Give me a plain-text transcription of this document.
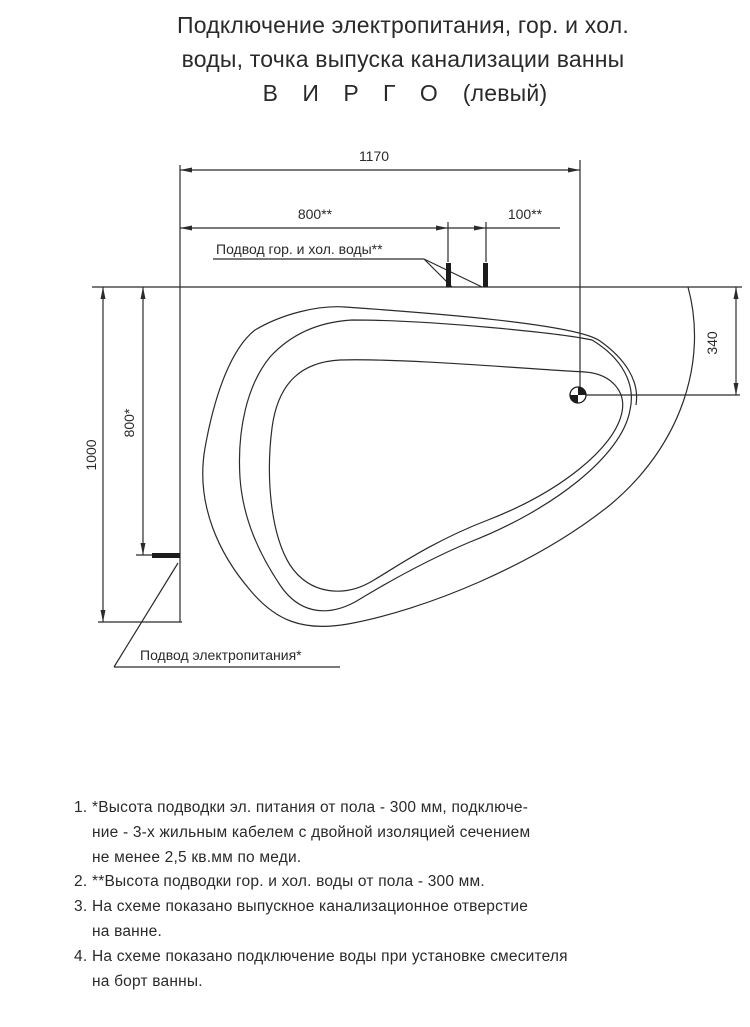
Подключение электропитания, гор. и хол.
воды, точка выпуска канализации ванны
В И Р Г О (левый)
1170
800**	100**
Подвод гор. и хол. воды**
340
1000
800*
Подвод электропитания*
1. *Высота подводки эл. питания от пола - 300 мм, подключе-
ние - 3-х жильным кабелем с двойной изоляцией сечением
не менее 2,5 кв.мм по меди.
2. **Высота подводки гор. и хол. воды от пола - 300 мм.
3. На схеме показано выпускное канализационное отверстие
на ванне.
4. На схеме показано подключение воды при установке смесителя
на борт ванны.
